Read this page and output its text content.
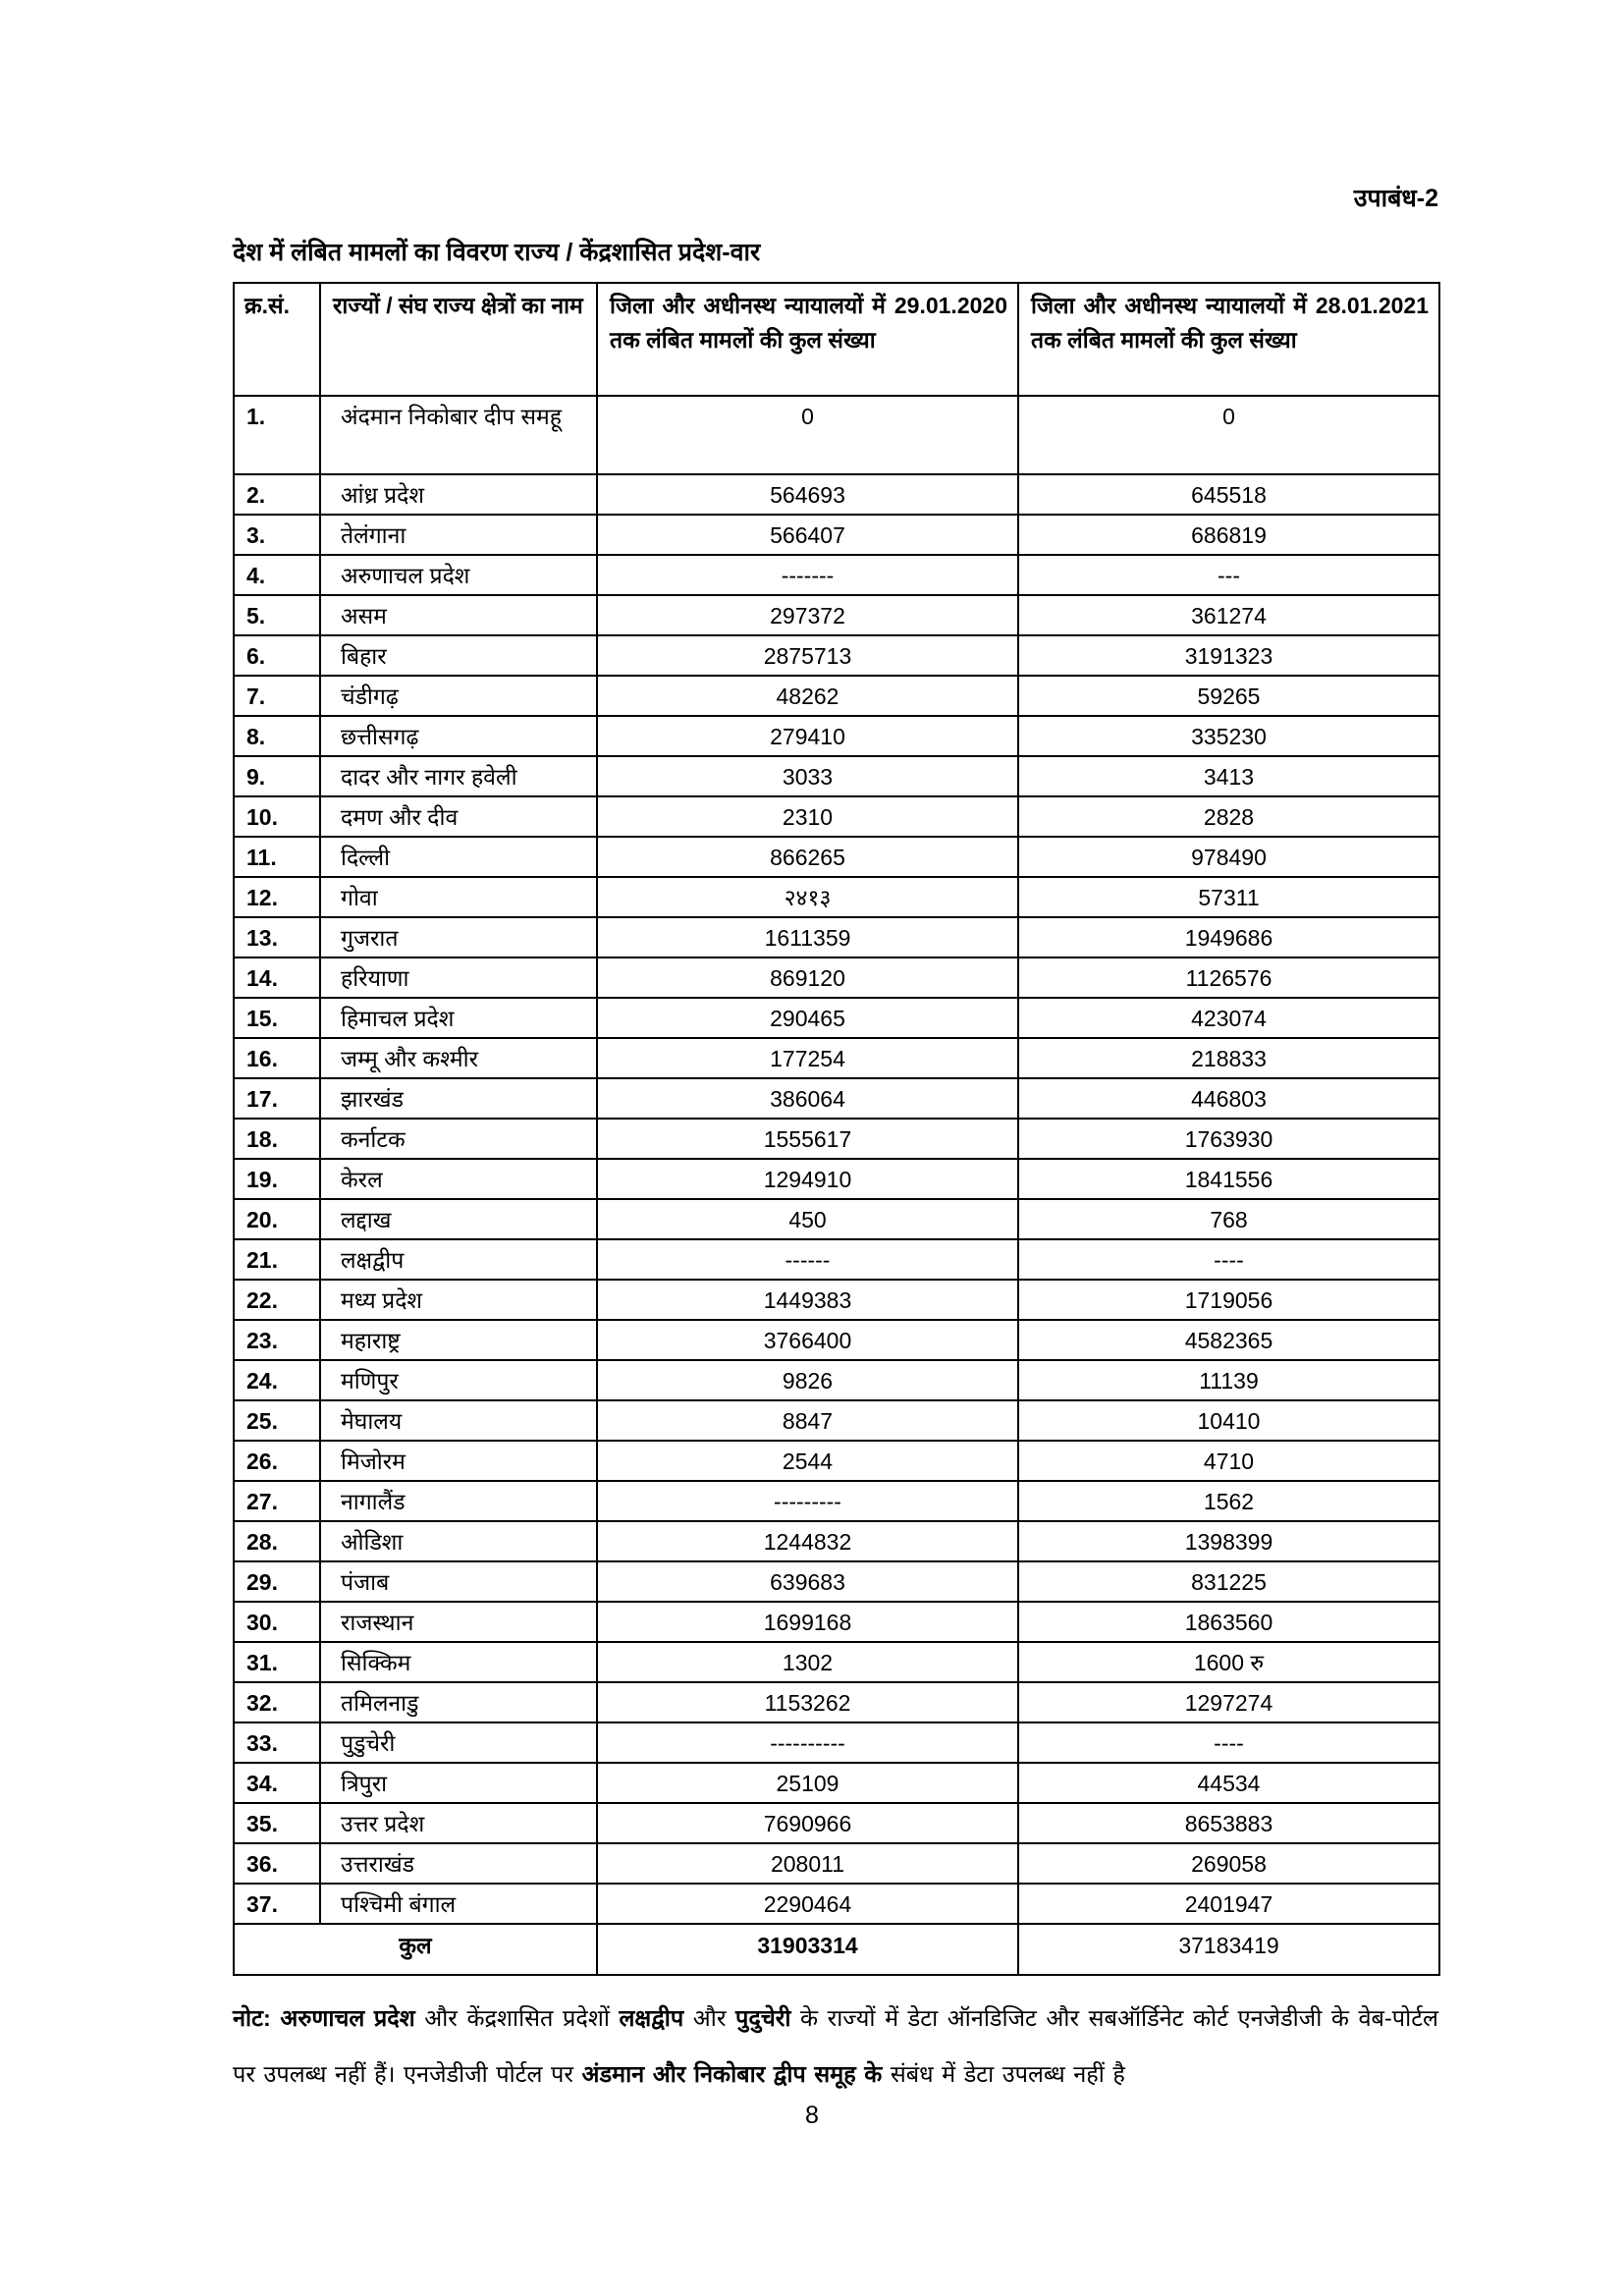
उपाबंध-2
देश में लंबित मामलों का विवरण राज्य / केंद्रशासित प्रदेश-वार
क्र.सं.	राज्यों / संघ राज्य क्षेत्रों का नाम	जिला और अधीनस्थ न्यायालयों में 29.01.2020 तक लंबित मामलों की कुल संख्या	जिला और अधीनस्थ न्यायालयों में 28.01.2021 तक लंबित मामलों की कुल संख्या
1.	अंदमान निकोबार दीप समहू	0	0
2.	आंध्र प्रदेश	564693	645518
3.	तेलंगाना	566407	686819
4.	अरुणाचल प्रदेश	-------	---
5.	असम	297372	361274
6.	बिहार	2875713	3191323
7.	चंडीगढ़	48262	59265
8.	छत्तीसगढ़	279410	335230
9.	दादर और नागर हवेली	3033	3413
10.	दमण और दीव	2310	2828
11.	दिल्ली	866265	978490
12.	गोवा	२४१३	57311
13.	गुजरात	1611359	1949686
14.	हरियाणा	869120	1126576
15.	हिमाचल प्रदेश	290465	423074
16.	जम्मू और कश्मीर	177254	218833
17.	झारखंड	386064	446803
18.	कर्नाटक	1555617	1763930
19.	केरल	1294910	1841556
20.	लद्दाख	450	768
21.	लक्षद्वीप	------	----
22.	मध्य प्रदेश	1449383	1719056
23.	महाराष्ट्र	3766400	4582365
24.	मणिपुर	9826	11139
25.	मेघालय	8847	10410
26.	मिजोरम	2544	4710
27.	नागालैंड	---------	1562
28.	ओडिशा	1244832	1398399
29.	पंजाब	639683	831225
30.	राजस्थान	1699168	1863560
31.	सिक्किम	1302	1600 रु
32.	तमिलनाडु	1153262	1297274
33.	पुडुचेरी	----------	----
34.	त्रिपुरा	25109	44534
35.	उत्तर प्रदेश	7690966	8653883
36.	उत्तराखंड	208011	269058
37.	पश्चिमी बंगाल	2290464	2401947
कुल		31903314	37183419

नोट: अरुणाचल प्रदेश और केंद्रशासित प्रदेशों लक्षद्वीप और पुदुचेरी के राज्यों में डेटा ऑनडिजिट और सबऑर्डिनेट कोर्ट एनजेडीजी के वेब-पोर्टल पर उपलब्ध नहीं हैं। एनजेडीजी पोर्टल पर अंडमान और निकोबार द्वीप समूह के संबंध में डेटा उपलब्ध नहीं है

8
